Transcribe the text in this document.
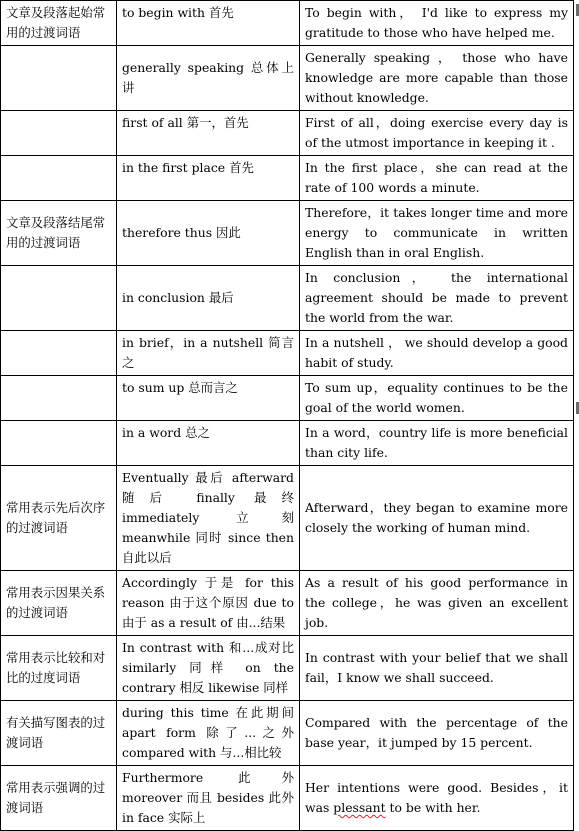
文章及段落起始常用的过渡词语	to begin with 首先	To begin with， I'd like to express my gratitude to those who have helped me.
	generally speaking 总体上讲	Generally speaking ， those who have knowledge are more capable than those without knowledge.
	first of all 第一，首先	First of all，doing exercise every day is of the utmost importance in keeping it .
	in the first place 首先	In the first place，she can read at the rate of 100 words a minute.
文章及段落结尾常用的过渡词语	therefore thus 因此	Therefore，it takes longer time and more energy to communicate in written English than in oral English.
	in conclusion 最后	In conclusion， the international agreement should be made to prevent the world from the war.
	in brief，in a nutshell 简言之	In a nutshell ， we should develop a good habit of study.
	to sum up 总而言之	To sum up，equality continues to be the goal of the world women.
	in a word 总之	In a word，country life is more beneficial than city life.
常用表示先后次序的过渡词语	Eventually 最后 afterward 随后 finally 最终 immediately 立刻 meanwhile 同时 since then 自此以后	Afterward，they began to examine more closely the working of human mind.
常用表示因果关系的过渡词语	Accordingly 于是 for this reason 由于这个原因 due to 由于 as a result of 由...结果	As a result of his good performance in the college，he was given an excellent job.
常用表示比较和对比的过度词语	In contrast with 和...成对比 similarly 同样 on the contrary 相反 likewise 同样	In contrast with your belief that we shall fail，I know we shall succeed.
有关描写图表的过渡词语	during this time 在此期间 apart form 除了...之外 compared with 与...相比较	Compared with the percentage of the base year，it jumped by 15 percent.
常用表示强调的过渡词语	Furthermore 此外 moreover 而且 besides 此外 in face 实际上	Her intentions were good. Besides，it was plessant to be with her.
